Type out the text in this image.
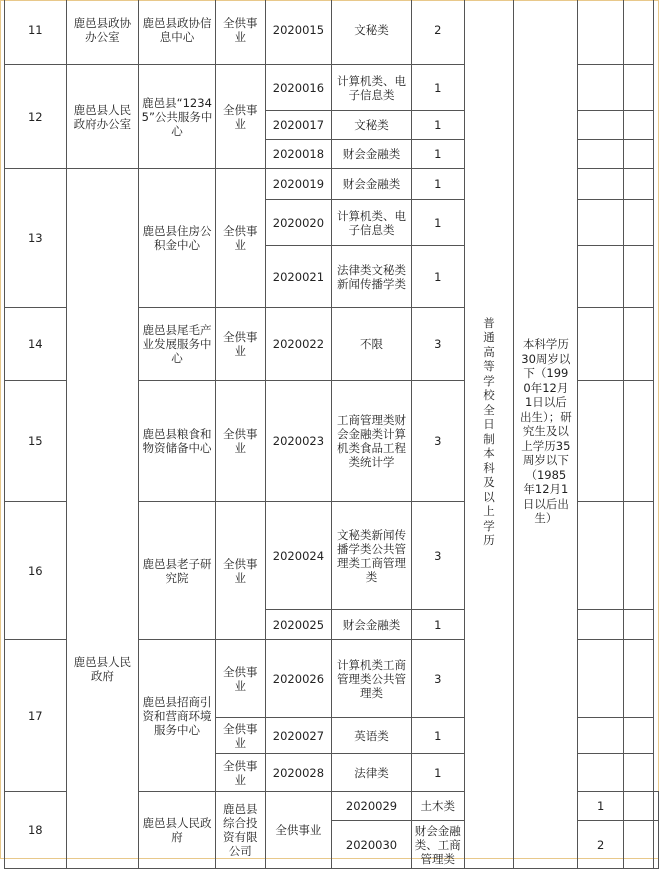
11	鹿邑县政协办公室	鹿邑县政协信息中心	全供事业	2020015	文秘类	2	普通高等学校全日制本科及以上学历	本科学历30周岁以下（1990年12月1日以后出生）；研究生及以上学历35周岁以下（1985年12月1日以后出生）			
12	鹿邑县人民政府办公室	鹿邑县“12345”公共服务中心	全供事业	2020016	计算机类、电子信息类	1					
				2020017	文秘类	1					
				2020018	财会金融类	1					
13	鹿邑县人民政府	鹿邑县住房公积金中心	全供事业	2020019	财会金融类	1					
				2020020	计算机类、电子信息类	1					
				2020021	法律类文秘类新闻传播学类	1					
14		鹿邑县尾毛产业发展服务中心	全供事业	2020022	不限	3					
15		鹿邑县粮食和物资储备中心	全供事业	2020023	工商管理类财会金融类计算机类食品工程类统计学	3					
16		鹿邑县老子研究院	全供事业	2020024	文秘类新闻传播学类公共管理类工商管理类	3					
				2020025	财会金融类	1					
17		鹿邑县招商引资和营商环境服务中心	全供事业	2020026	计算机类工商管理类公共管理类	3					
			全供事业	2020027	英语类	1					
			全供事业	2020028	法律类	1					
18		鹿邑县人民政府	鹿邑县综合投资有限公司	全供事业	2020029	土木类			1		
					2020030	财会金融类、工商管理类			2		
